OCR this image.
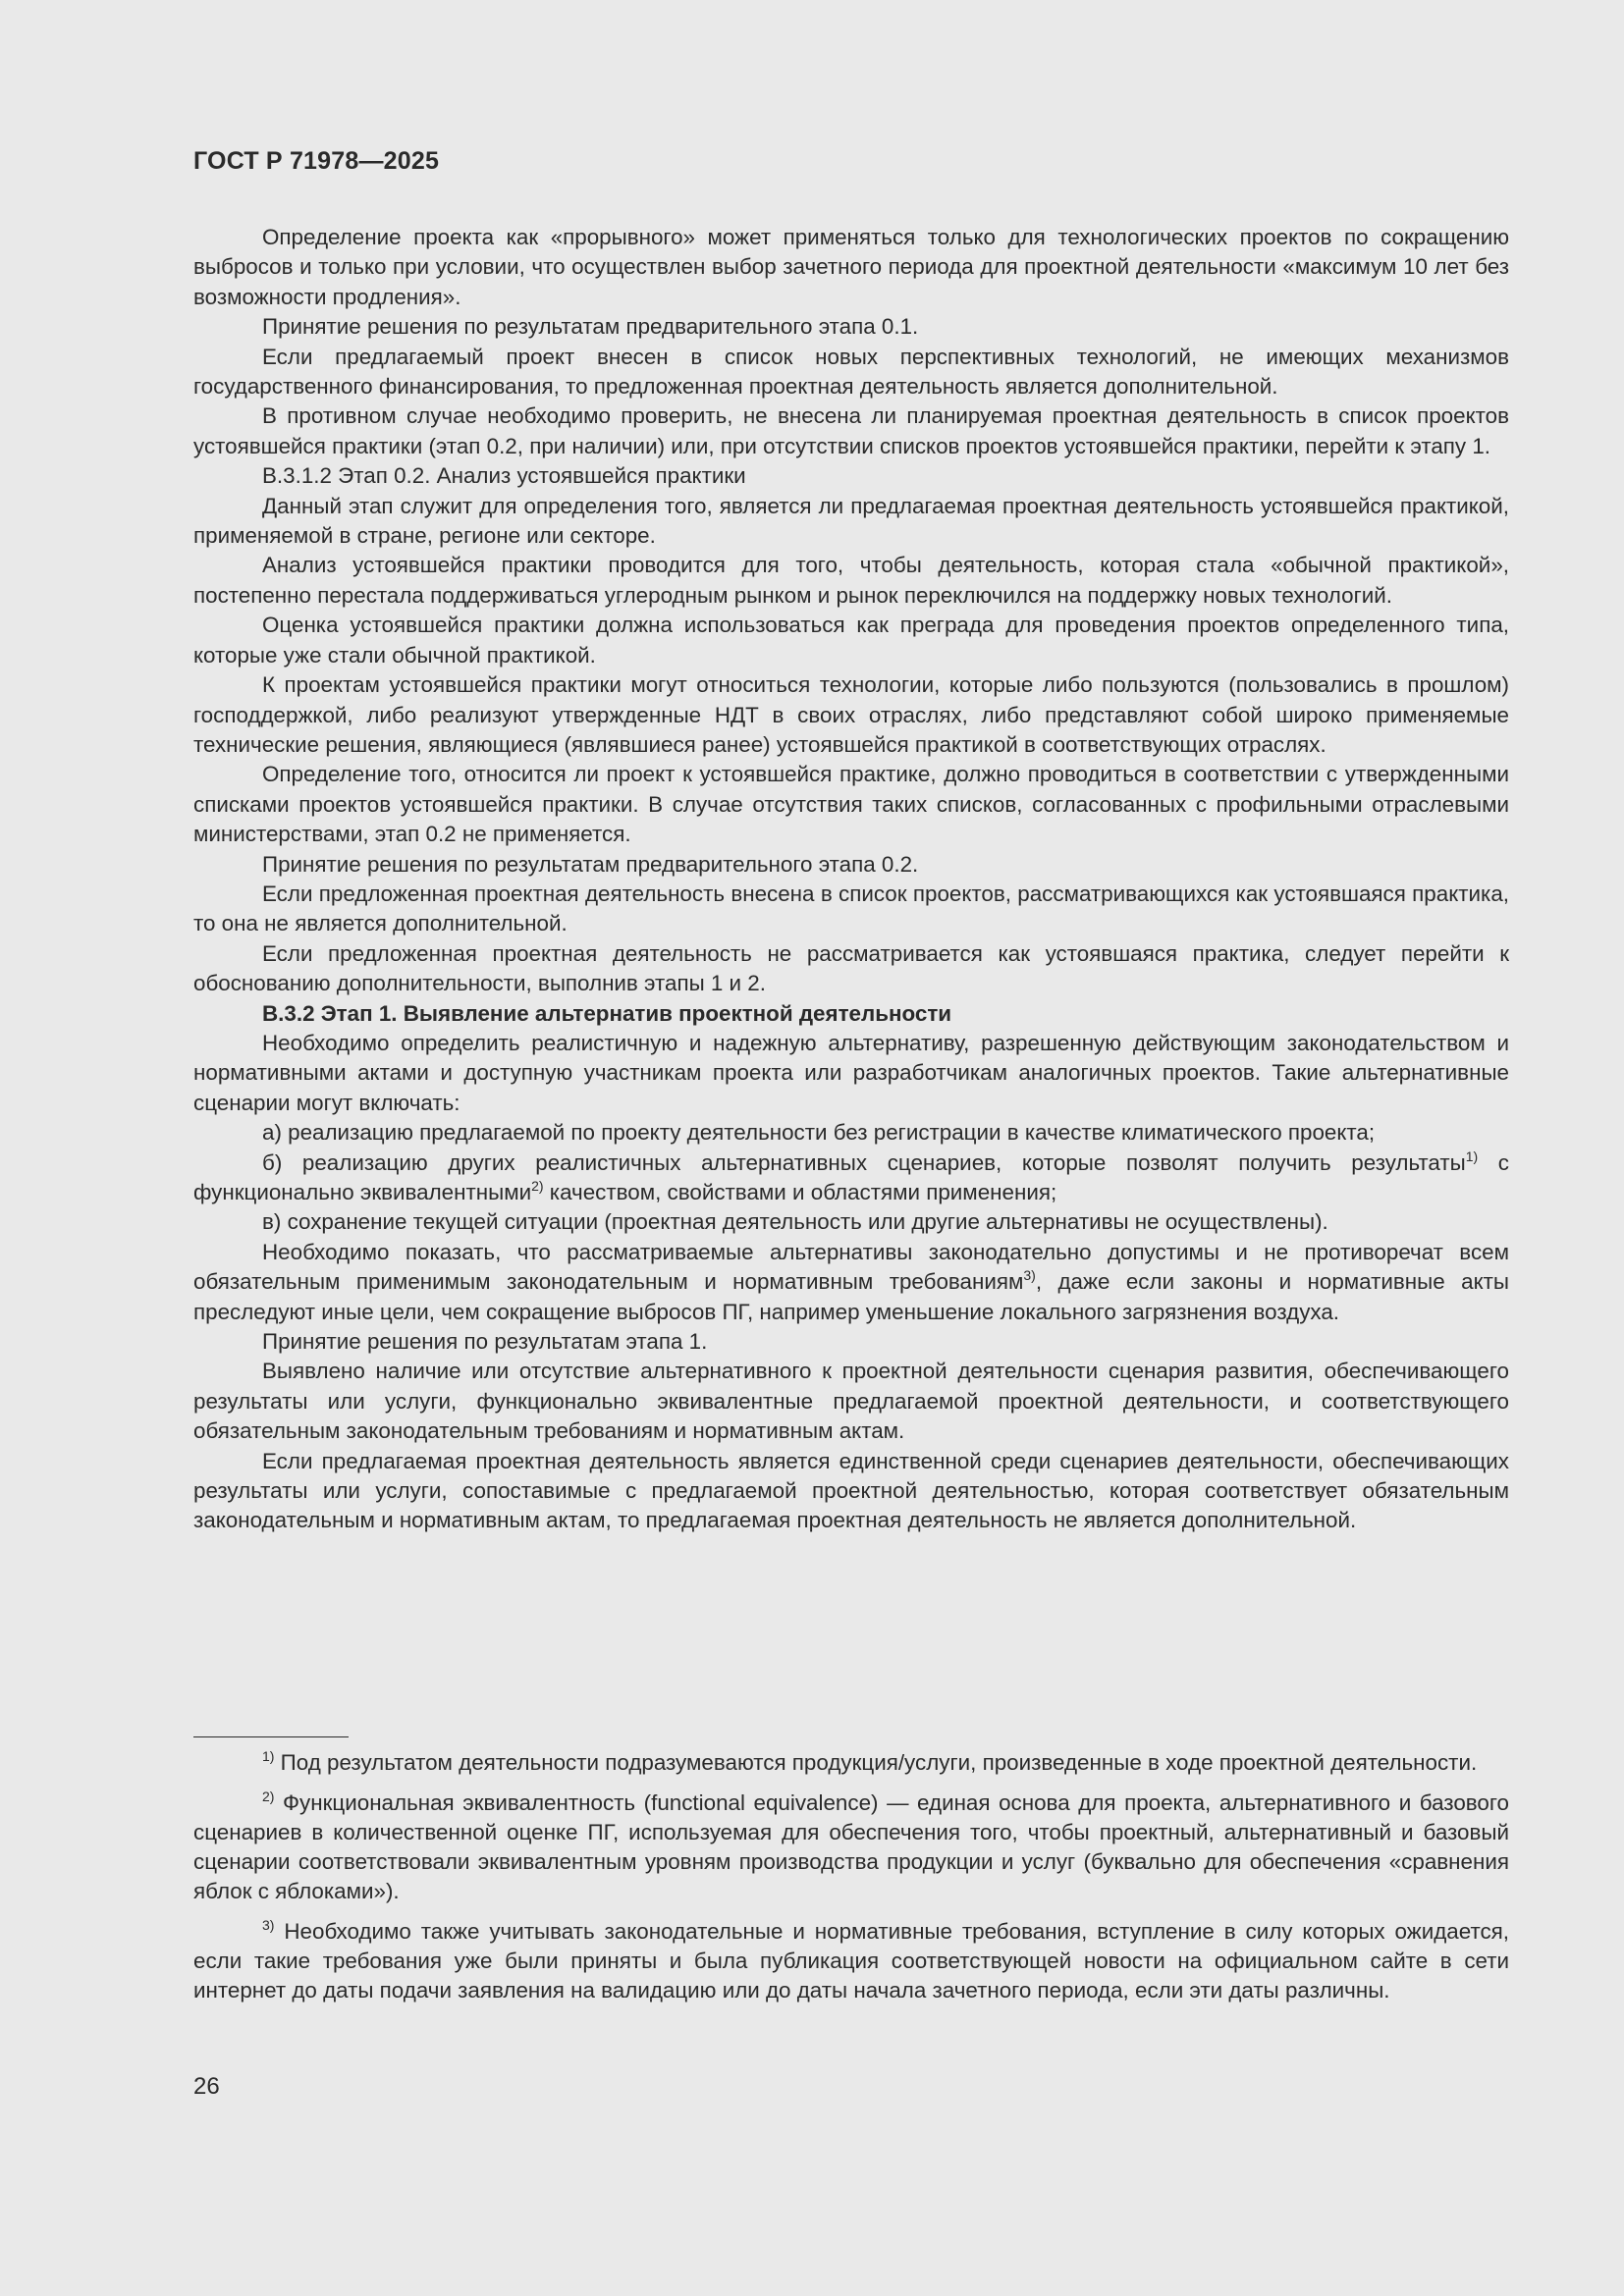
ГОСТ Р 71978—2025

Определение проекта как «прорывного» может применяться только для технологических проектов по сокращению выбросов и только при условии, что осуществлен выбор зачетного периода для проектной деятельности «максимум 10 лет без возможности продления».

Принятие решения по результатам предварительного этапа 0.1.

Если предлагаемый проект внесен в список новых перспективных технологий, не имеющих механизмов государственного финансирования, то предложенная проектная деятельность является дополнительной.

В противном случае необходимо проверить, не внесена ли планируемая проектная деятельность в список проектов устоявшейся практики (этап 0.2, при наличии) или, при отсутствии списков проектов устоявшейся практики, перейти к этапу 1.

В.3.1.2 Этап 0.2. Анализ устоявшейся практики

Данный этап служит для определения того, является ли предлагаемая проектная деятельность устоявшейся практикой, применяемой в стране, регионе или секторе.

Анализ устоявшейся практики проводится для того, чтобы деятельность, которая стала «обычной практикой», постепенно перестала поддерживаться углеродным рынком и рынок переключился на поддержку новых технологий.

Оценка устоявшейся практики должна использоваться как преграда для проведения проектов определенного типа, которые уже стали обычной практикой.

К проектам устоявшейся практики могут относиться технологии, которые либо пользуются (пользовались в прошлом) господдержкой, либо реализуют утвержденные НДТ в своих отраслях, либо представляют собой широко применяемые технические решения, являющиеся (являвшиеся ранее) устоявшейся практикой в соответствующих отраслях.

Определение того, относится ли проект к устоявшейся практике, должно проводиться в соответствии с утвержденными списками проектов устоявшейся практики. В случае отсутствия таких списков, согласованных с профильными отраслевыми министерствами, этап 0.2 не применяется.

Принятие решения по результатам предварительного этапа 0.2.

Если предложенная проектная деятельность внесена в список проектов, рассматривающихся как устоявшаяся практика, то она не является дополнительной.

Если предложенная проектная деятельность не рассматривается как устоявшаяся практика, следует перейти к обоснованию дополнительности, выполнив этапы 1 и 2.

В.3.2 Этап 1. Выявление альтернатив проектной деятельности

Необходимо определить реалистичную и надежную альтернативу, разрешенную действующим законодательством и нормативными актами и доступную участникам проекта или разработчикам аналогичных проектов. Такие альтернативные сценарии могут включать:

а) реализацию предлагаемой по проекту деятельности без регистрации в качестве климатического проекта;

б) реализацию других реалистичных альтернативных сценариев, которые позволят получить результаты$^{1)}$ с функционально эквивалентными$^{2)}$ качеством, свойствами и областями применения;

в) сохранение текущей ситуации (проектная деятельность или другие альтернативы не осуществлены).

Необходимо показать, что рассматриваемые альтернативы законодательно допустимы и не противоречат всем обязательным применимым законодательным и нормативным требованиям$^{3)}$, даже если законы и нормативные акты преследуют иные цели, чем сокращение выбросов ПГ, например уменьшение локального загрязнения воздуха.

Принятие решения по результатам этапа 1.

Выявлено наличие или отсутствие альтернативного к проектной деятельности сценария развития, обеспечивающего результаты или услуги, функционально эквивалентные предлагаемой проектной деятельности, и соответствующего обязательным законодательным требованиям и нормативным актам.

Если предлагаемая проектная деятельность является единственной среди сценариев деятельности, обеспечивающих результаты или услуги, сопоставимые с предлагаемой проектной деятельностью, которая соответствует обязательным законодательным и нормативным актам, то предлагаемая проектная деятельность не является дополнительной.

$^{1)}$ Под результатом деятельности подразумеваются продукция/услуги, произведенные в ходе проектной деятельности.

$^{2)}$ Функциональная эквивалентность (functional equivalence) — единая основа для проекта, альтернативного и базового сценариев в количественной оценке ПГ, используемая для обеспечения того, чтобы проектный, альтернативный и базовый сценарии соответствовали эквивалентным уровням производства продукции и услуг (буквально для обеспечения «сравнения яблок с яблоками»).

$^{3)}$ Необходимо также учитывать законодательные и нормативные требования, вступление в силу которых ожидается, если такие требования уже были приняты и была публикация соответствующей новости на официальном сайте в сети интернет до даты подачи заявления на валидацию или до даты начала зачетного периода, если эти даты различны.

26
